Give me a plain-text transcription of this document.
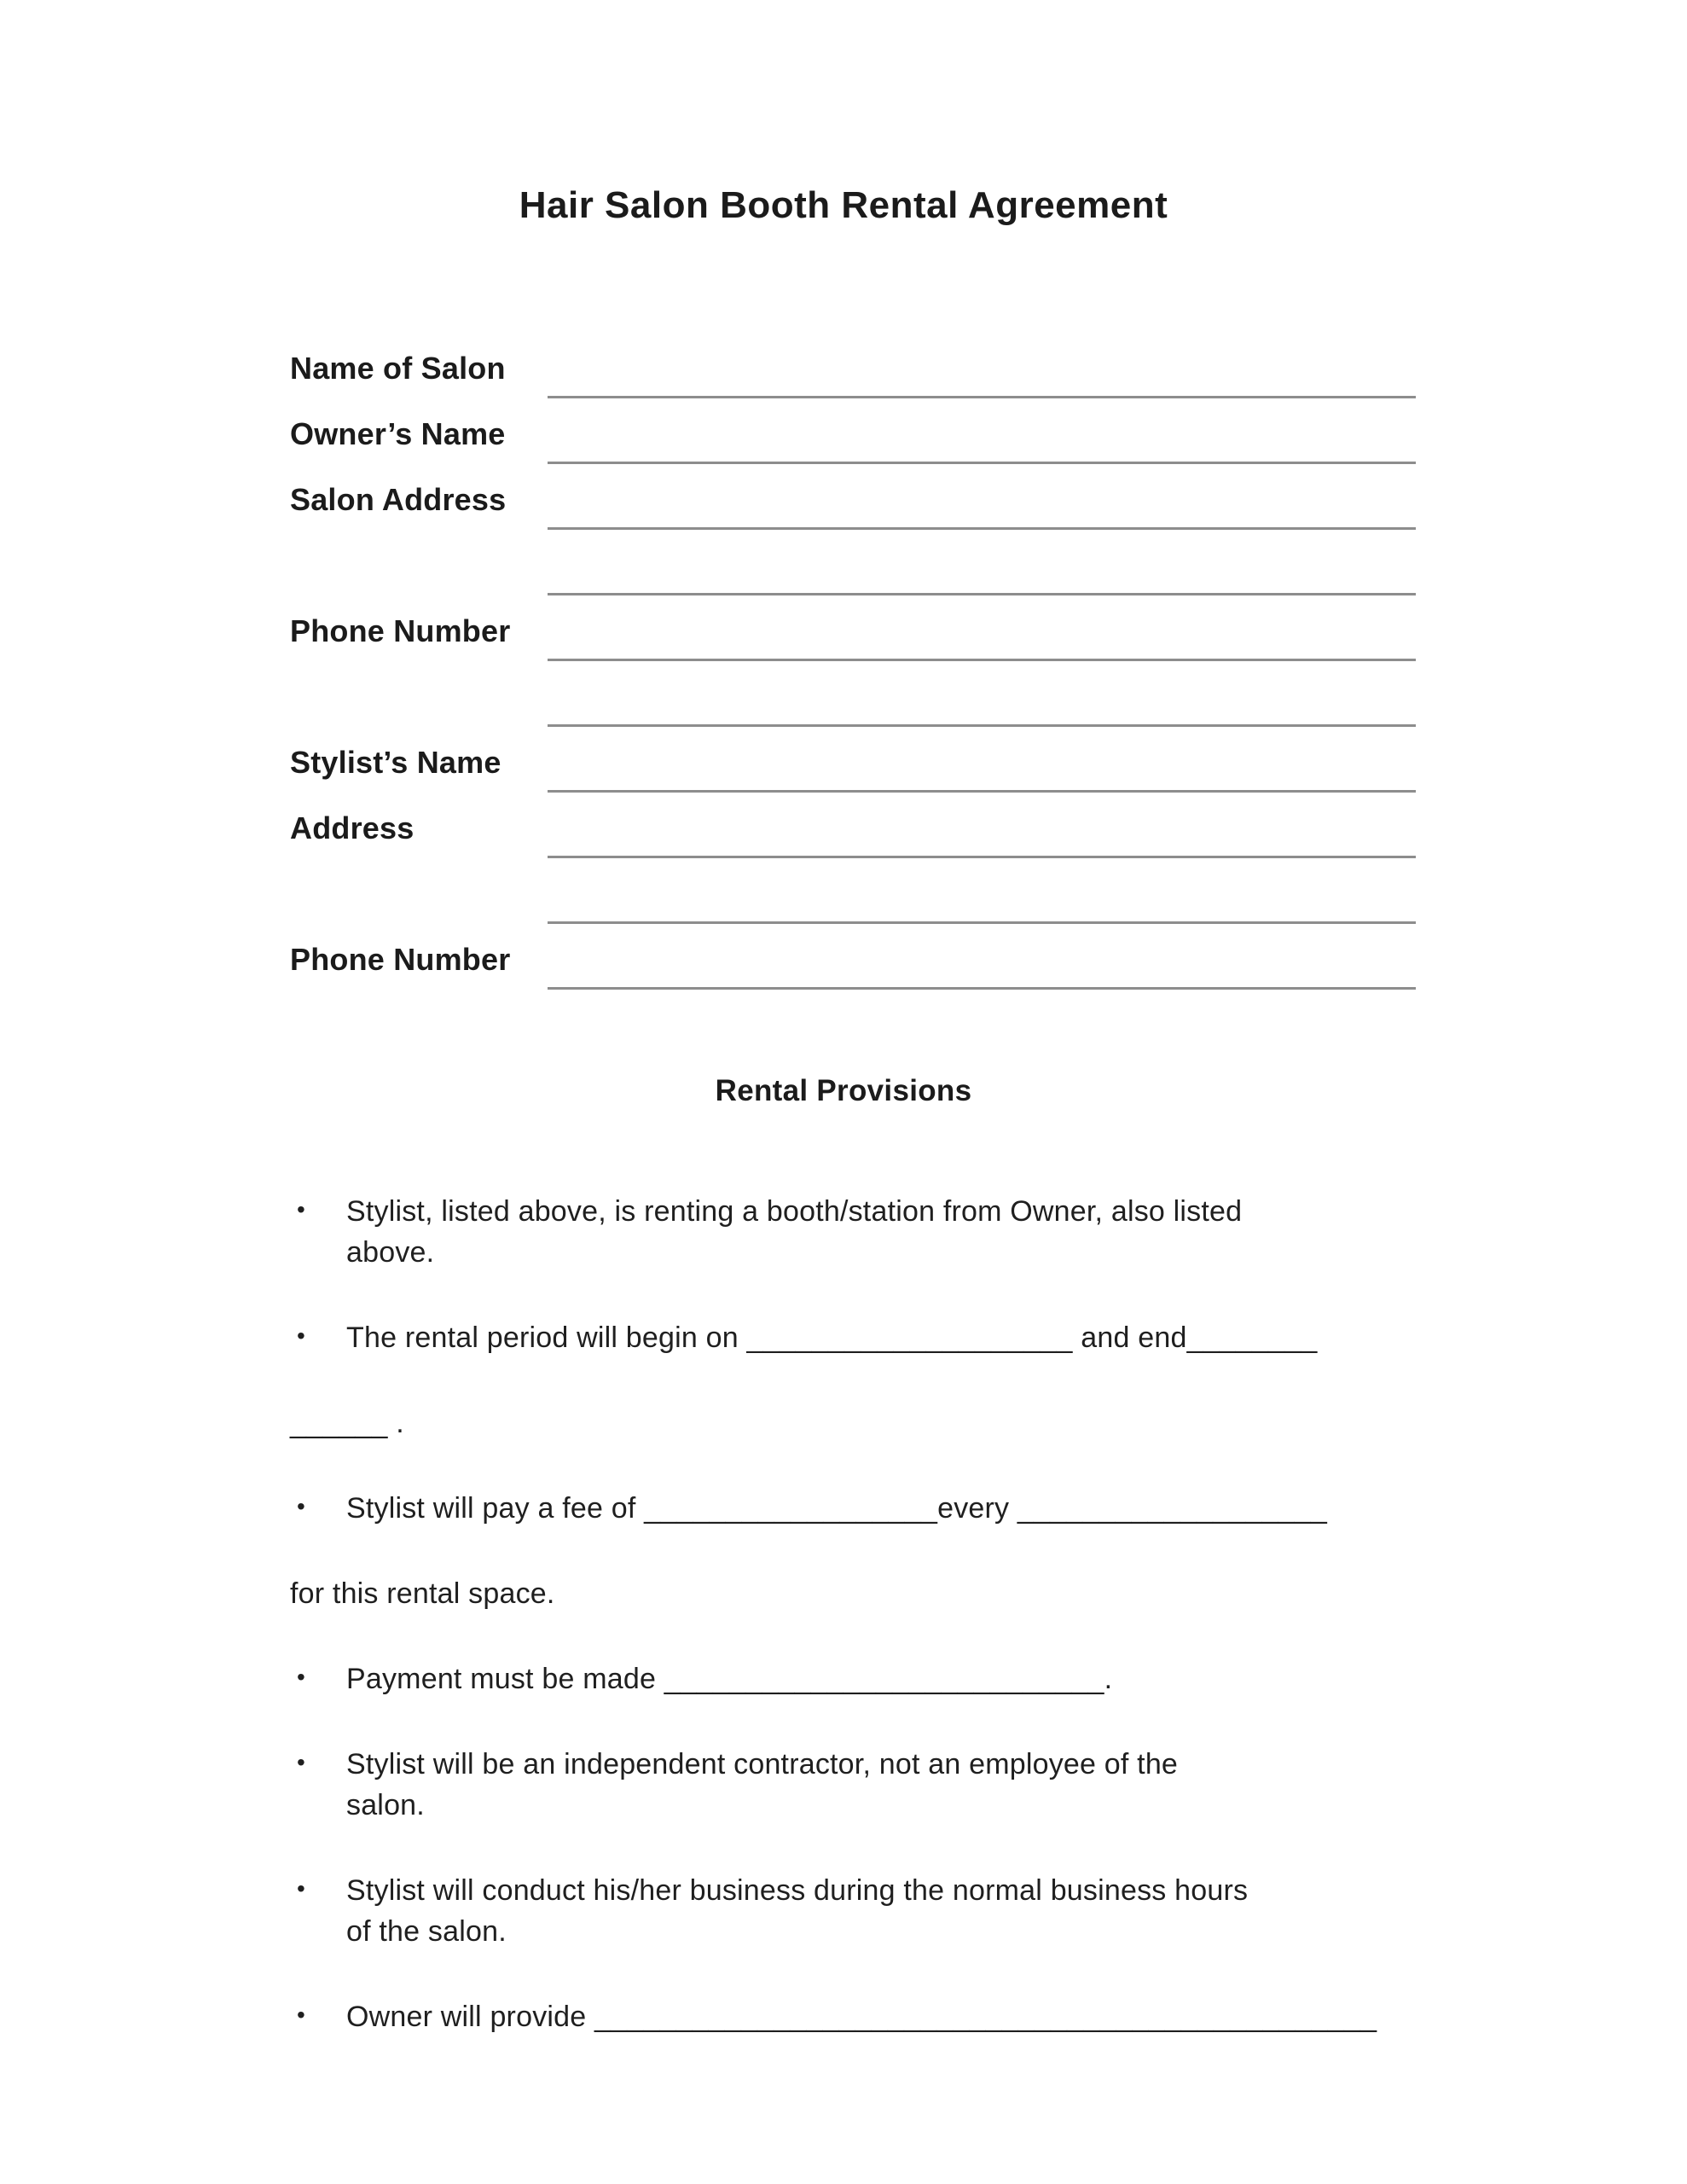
Hair Salon Booth Rental Agreement
Name of Salon
Owner’s Name
Salon Address
Phone Number
Stylist’s Name
Address
Phone Number
Rental Provisions
•	Stylist, listed above, is renting a booth/station from Owner, also listed
above.
•	The rental period will begin on ____________________ and end________
______ .
•	Stylist will pay a fee of __________________every ___________________
for this rental space.
•	Payment must be made ___________________________.
•	Stylist will be an independent contractor, not an employee of the
salon.
•	Stylist will conduct his/her business during the normal business hours
of the salon.
•	Owner will provide ________________________________________________
